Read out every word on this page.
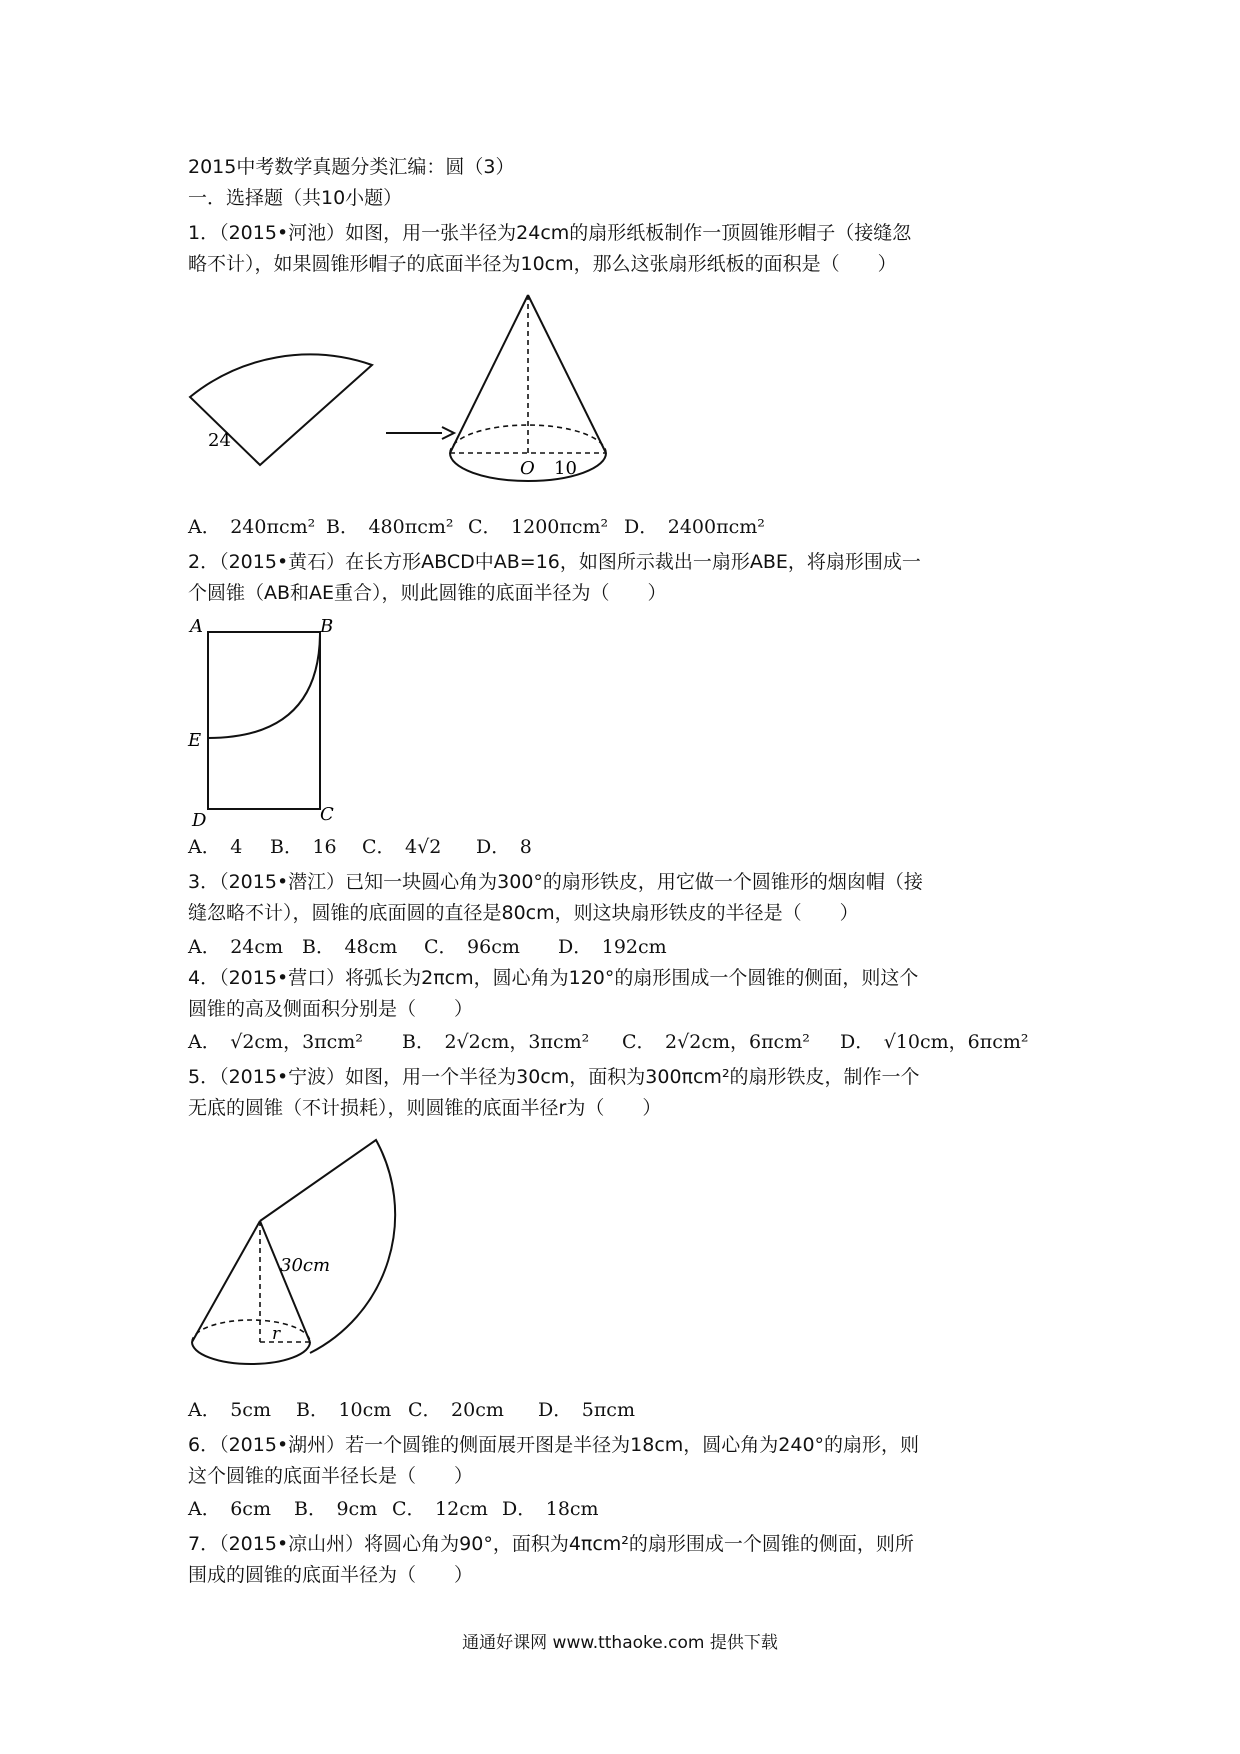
2015中考数学真题分类汇编：圆（3）
一．选择题（共10小题）
1．（2015•河池）如图，用一张半径为24cm的扇形纸板制作一顶圆锥形帽子（接缝忽
略不计），如果圆锥形帽子的底面半径为10cm，那么这张扇形纸板的面积是（　　）
24
O 10
A．　240πcm² B．　480πcm² C．　1200πcm² D．　2400πcm²
2．（2015•黄石）在长方形ABCD中AB=16，如图所示裁出一扇形ABE，将扇形围成一
个圆锥（AB和AE重合），则此圆锥的底面半径为（　　）
A	B
E
D	C
A．　4 B．　16 C．　4√2 D．　8
3．（2015•潜江）已知一块圆心角为300°的扇形铁皮，用它做一个圆锥形的烟囱帽（接
缝忽略不计），圆锥的底面圆的直径是80cm，则这块扇形铁皮的半径是（　　）
A．　24cm B．　48cm C．　96cm D．　192cm
4．（2015•营口）将弧长为2πcm，圆心角为120°的扇形围成一个圆锥的侧面，则这个
圆锥的高及侧面积分别是（　　）
A．　√2cm，3πcm² B．　2√2cm，3πcm² C．　2√2cm，6πcm² D．　√10cm，6πcm²
5．（2015•宁波）如图，用一个半径为30cm，面积为300πcm²的扇形铁皮，制作一个
无底的圆锥（不计损耗），则圆锥的底面半径r为（　　）
30cm
r
A．　5cm B．　10cm C．　20cm D．　5πcm
6．（2015•湖州）若一个圆锥的侧面展开图是半径为18cm，圆心角为240°的扇形，则
这个圆锥的底面半径长是（　　）
A．　6cm B．　9cm C．　12cm D．　18cm
7．（2015•凉山州）将圆心角为90°，面积为4πcm²的扇形围成一个圆锥的侧面，则所
围成的圆锥的底面半径为（　　）
通通好课网 www.tthaoke.com 提供下载
